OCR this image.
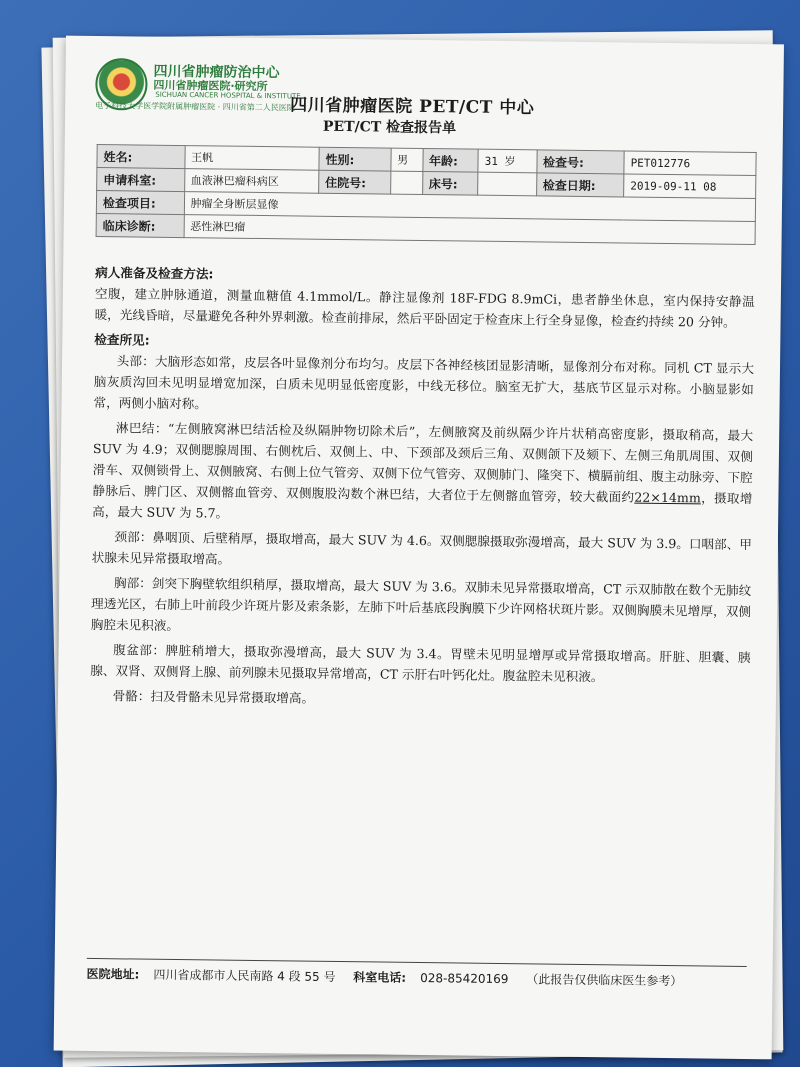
四川省肿瘤防治中心
四川省肿瘤医院·研究所
SICHUAN CANCER HOSPITAL & INSTITUTE
电子科技大学医学院附属肿瘤医院 · 四川省第二人民医院
四川省肿瘤医院 PET/CT 中心
PET/CT 检查报告单
姓名:	王帆	性别:	男	年龄:	31 岁	检查号:	PET012776
申请科室:	血液淋巴瘤科病区	住院号:		床号:		检查日期:	2019-09-11 08
检查项目:	肿瘤全身断层显像						
临床诊断:	恶性淋巴瘤						
病人准备及检查方法:

空腹，建立肿脉通道，测量血糖值 4.1mmol/L。静注显像剂 18F-FDG 8.9mCi，患者静坐休息，室内保持安静温暖，光线昏暗，尽量避免各种外界刺激。检查前排尿，然后平卧固定于检查床上行全身显像，检查约持续 20 分钟。

检查所见:

头部：大脑形态如常，皮层各叶显像剂分布均匀。皮层下各神经核团显影清晰，显像剂分布对称。同机 CT 显示大脑灰质沟回未见明显增宽加深，白质未见明显低密度影，中线无移位。脑室无扩大，基底节区显示对称。小脑显影如常，两侧小脑对称。

淋巴结：“左侧腋窝淋巴结活检及纵隔肿物切除术后”，左侧腋窝及前纵隔少许片状稍高密度影，摄取稍高，最大 SUV 为 4.9；双侧腮腺周围、右侧枕后、双侧上、中、下颈部及颈后三角、双侧颌下及颏下、左侧三角肌周围、双侧滑车、双侧锁骨上、双侧腋窝、右侧上位气管旁、双侧下位气管旁、双侧肺门、隆突下、横膈前组、腹主动脉旁、下腔静脉后、脾门区、双侧髂血管旁、双侧腹股沟数个淋巴结，大者位于左侧髂血管旁，较大截面约22×14mm，摄取增高，最大 SUV 为 5.7。

颈部：鼻咽顶、后壁稍厚，摄取增高，最大 SUV 为 4.6。双侧腮腺摄取弥漫增高，最大 SUV 为 3.9。口咽部、甲状腺未见异常摄取增高。

胸部：剑突下胸壁软组织稍厚，摄取增高，最大 SUV 为 3.6。双肺未见异常摄取增高，CT 示双肺散在数个无肺纹理透光区，右肺上叶前段少许斑片影及索条影，左肺下叶后基底段胸膜下少许网格状斑片影。双侧胸膜未见增厚，双侧胸腔未见积液。

腹盆部：脾脏稍增大，摄取弥漫增高，最大 SUV 为 3.4。胃壁未见明显增厚或异常摄取增高。肝脏、胆囊、胰腺、双肾、双侧肾上腺、前列腺未见摄取异常增高，CT 示肝右叶钙化灶。腹盆腔未见积液。

骨骼：扫及骨骼未见异常摄取增高。

医院地址: 四川省成都市人民南路 4 段 55 号 科室电话: 028-85420169 （此报告仅供临床医生参考）
